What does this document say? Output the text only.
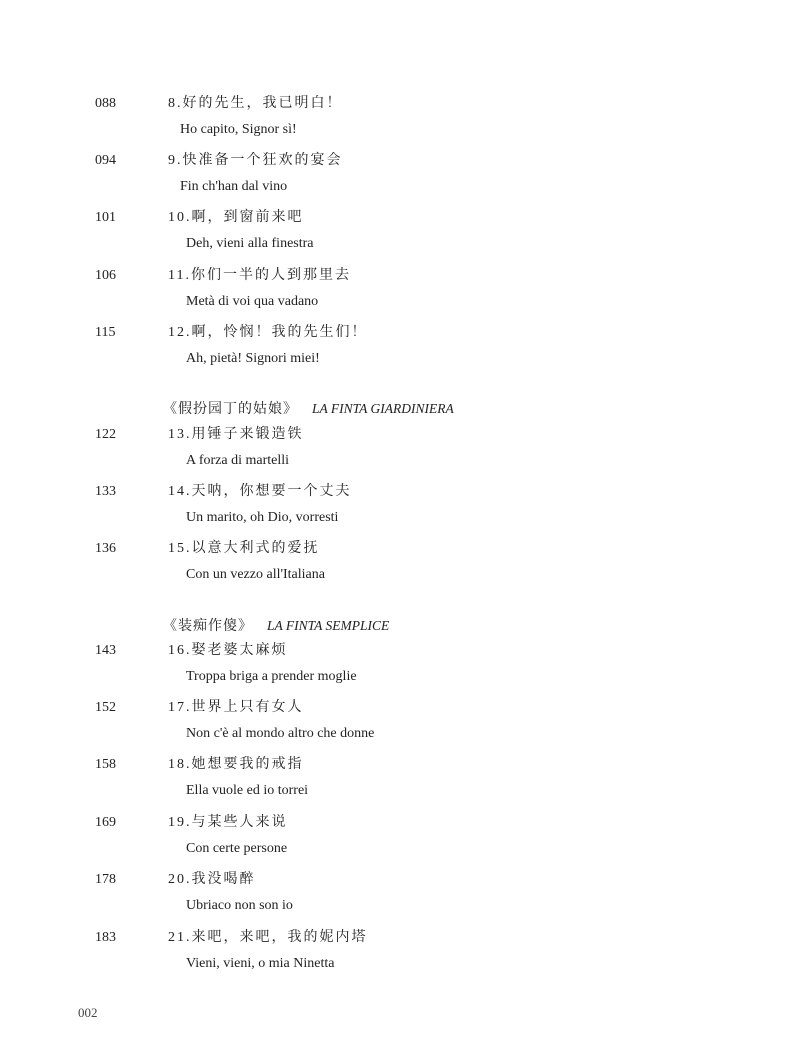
088	8.好的先生，我已明白！
Ho capito, Signor sì!
094	9.快准备一个狂欢的宴会
Fin ch'han dal vino
101	10.啊，到窗前来吧
Deh, vieni alla finestra
106	11.你们一半的人到那里去
Metà di voi qua vadano
115	12.啊，怜悯！我的先生们！
Ah, pietà! Signori miei!
《假扮园丁的姑娘》 LA FINTA GIARDINIERA
122	13.用锤子来锻造铁
A forza di martelli
133	14.天呐，你想要一个丈夫
Un marito, oh Dio, vorresti
136	15.以意大利式的爱抚
Con un vezzo all'Italiana
《装痴作傻》 LA FINTA SEMPLICE
143	16.娶老婆太麻烦
Troppa briga a prender moglie
152	17.世界上只有女人
Non c'è al mondo altro che donne
158	18.她想要我的戒指
Ella vuole ed io torrei
169	19.与某些人来说
Con certe persone
178	20.我没喝醉
Ubriaco non son io
183	21.来吧，来吧，我的妮内塔
Vieni, vieni, o mia Ninetta
002
